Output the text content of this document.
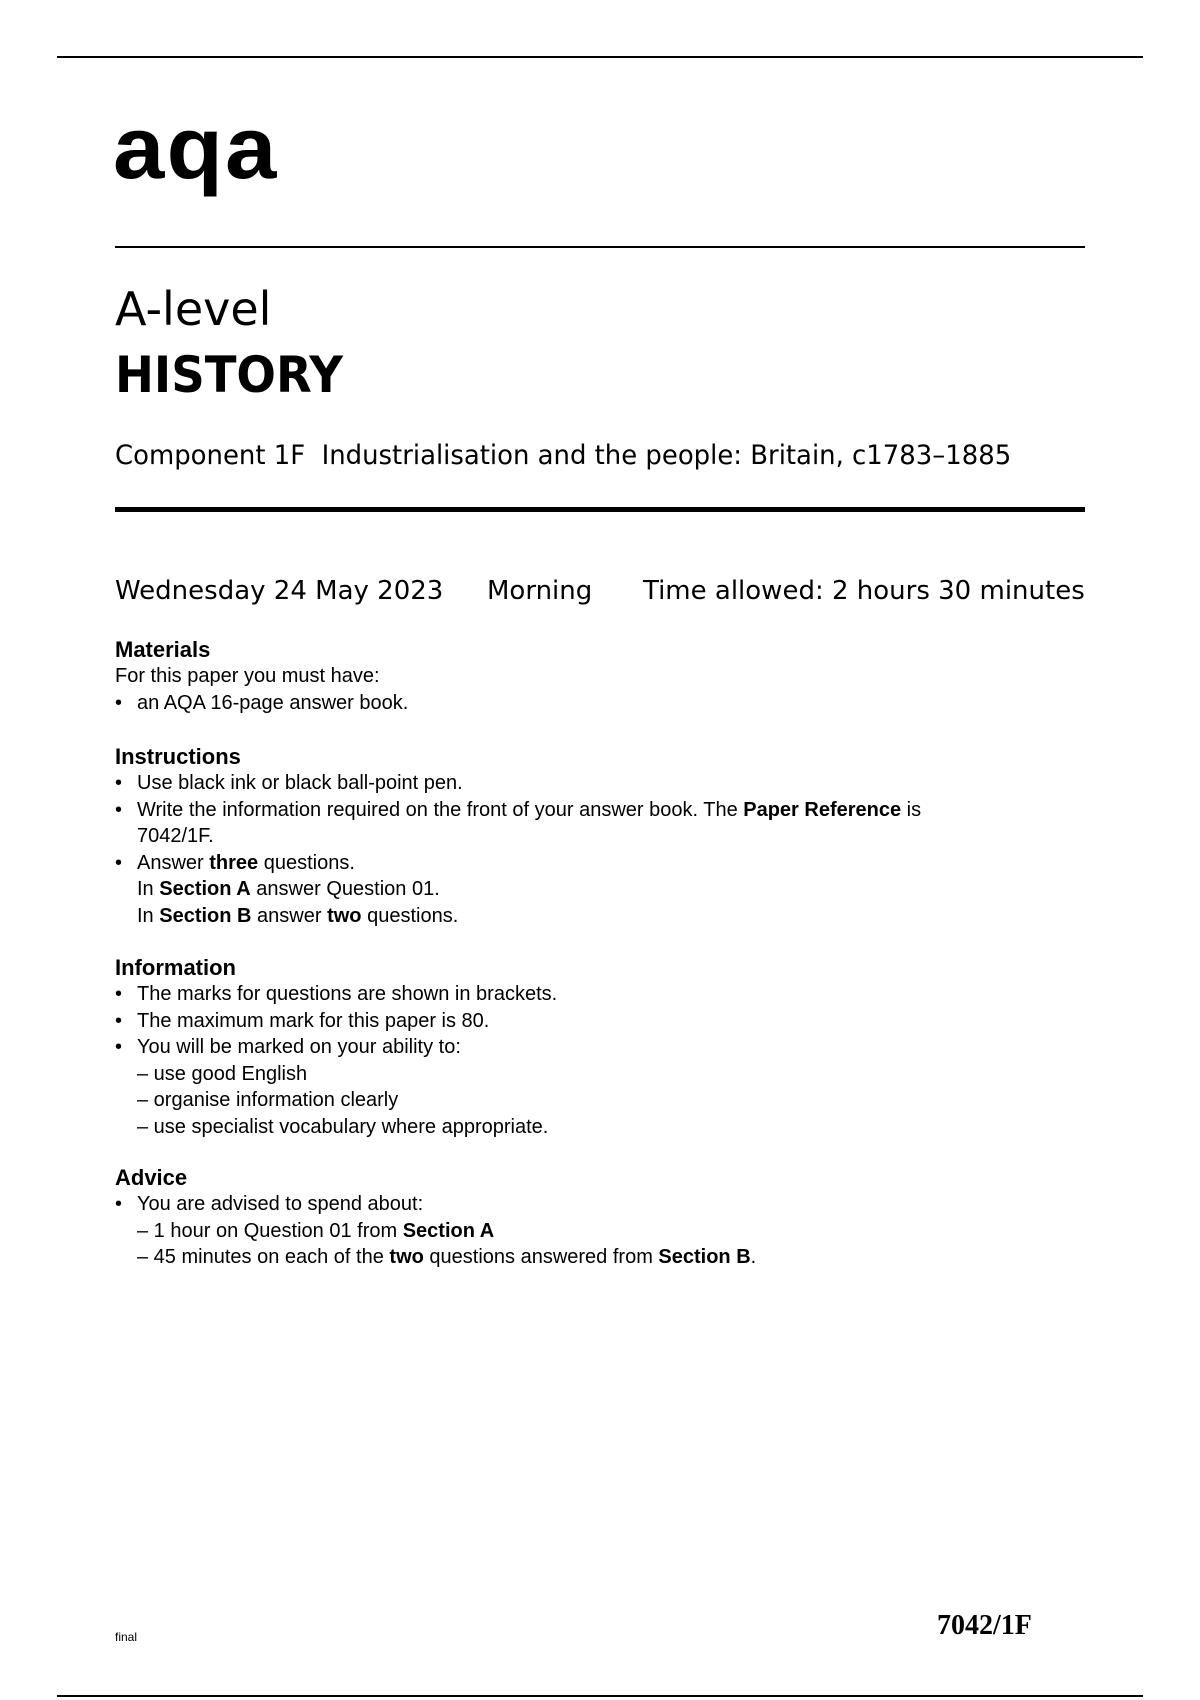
aqa
A-level
HISTORY
Component 1F  Industrialisation and the people: Britain, c1783–1885
Wednesday 24 May 2023 Morning Time allowed: 2 hours 30 minutes
Materials
For this paper you must have:
• an AQA 16-page answer book.
Instructions
• Use black ink or black ball-point pen.
• Write the information required on the front of your answer book. The Paper Reference is
7042/1F.
• Answer three questions.
In Section A answer Question 01.
In Section B answer two questions.
Information
• The marks for questions are shown in brackets.
• The maximum mark for this paper is 80.
• You will be marked on your ability to:
– use good English
– organise information clearly
– use specialist vocabulary where appropriate.
Advice
• You are advised to spend about:
– 1 hour on Question 01 from Section A
– 45 minutes on each of the two questions answered from Section B.
final	7042/1F
